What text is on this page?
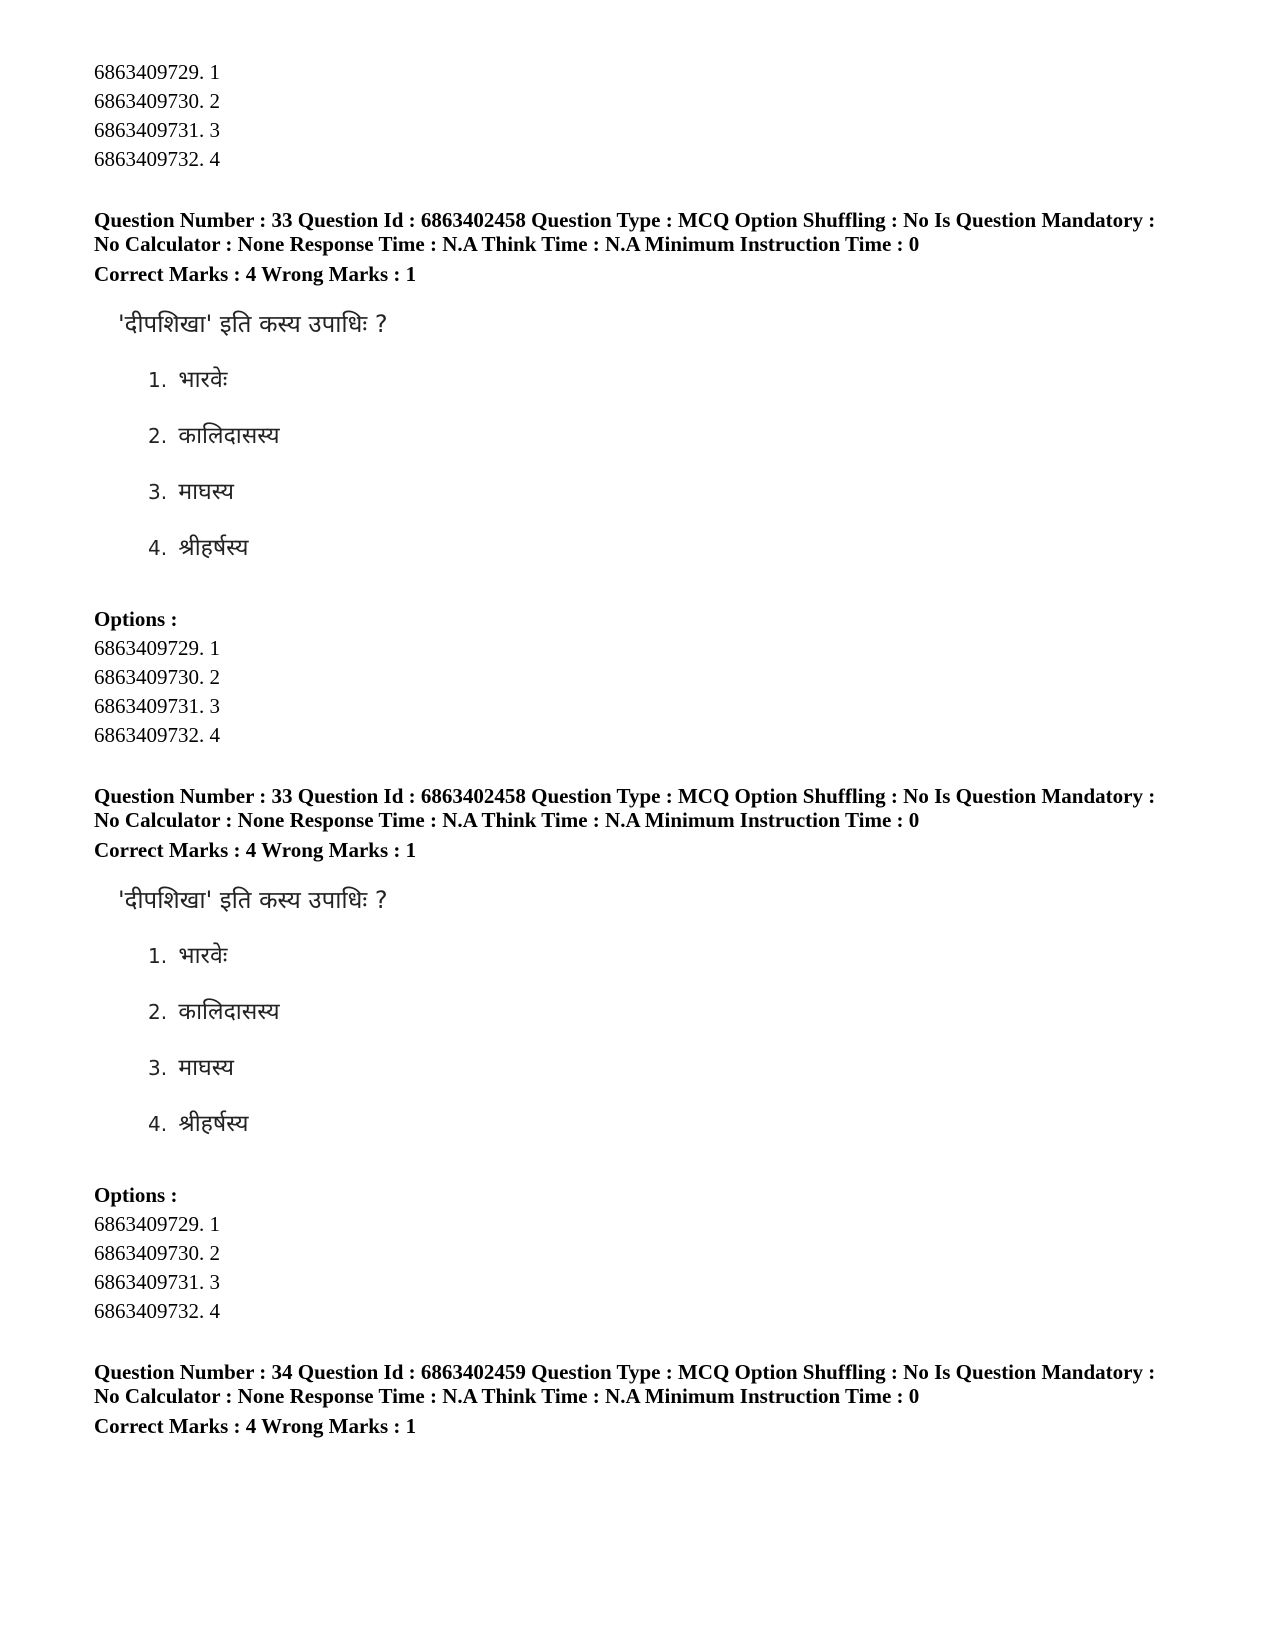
6863409729. 1
6863409730. 2
6863409731. 3
6863409732. 4
Question Number : 33 Question Id : 6863402458 Question Type : MCQ Option Shuffling : No Is Question Mandatory :
No Calculator : None Response Time : N.A Think Time : N.A Minimum Instruction Time : 0
Correct Marks : 4 Wrong Marks : 1
'दीपशिखा' इति कस्य उपाधिः ?
1. भारवेः
2. कालिदासस्य
3. माघस्य
4. श्रीहर्षस्य
Options :
6863409729. 1
6863409730. 2
6863409731. 3
6863409732. 4
Question Number : 33 Question Id : 6863402458 Question Type : MCQ Option Shuffling : No Is Question Mandatory :
No Calculator : None Response Time : N.A Think Time : N.A Minimum Instruction Time : 0
Correct Marks : 4 Wrong Marks : 1
'दीपशिखा' इति कस्य उपाधिः ?
1. भारवेः
2. कालिदासस्य
3. माघस्य
4. श्रीहर्षस्य
Options :
6863409729. 1
6863409730. 2
6863409731. 3
6863409732. 4
Question Number : 34 Question Id : 6863402459 Question Type : MCQ Option Shuffling : No Is Question Mandatory :
No Calculator : None Response Time : N.A Think Time : N.A Minimum Instruction Time : 0
Correct Marks : 4 Wrong Marks : 1
